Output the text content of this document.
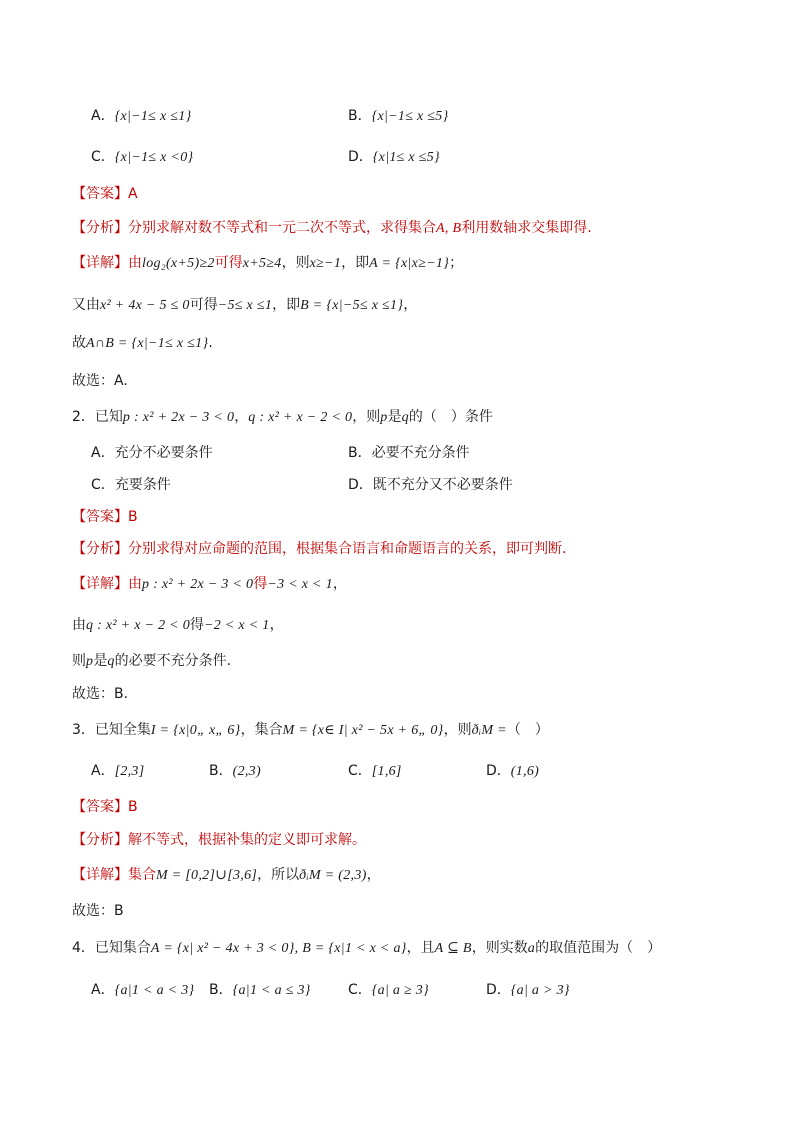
A．{x|−1≤ x ≤1}	B．{x|−1≤ x ≤5}
C．{x|−1≤ x <0}	D．{x|1≤ x ≤5}
【答案】A
【分析】分别求解对数不等式和一元二次不等式，求得集合A, B利用数轴求交集即得.
【详解】由log₂(x+5)≥2可得x+5≥4，则x≥−1，即A = {x|x≥−1}；
又由x² + 4x − 5 ≤ 0可得−5≤ x ≤1，即B = {x|−5≤ x ≤1}，
故A∩B = {x|−1≤ x ≤1}.
故选：A.
2．已知p : x² + 2x − 3 < 0，q : x² + x − 2 < 0，则p是q的（　）条件
A．充分不必要条件	B．必要不充分条件
C．充要条件	D．既不充分又不必要条件
【答案】B
【分析】分别求得对应命题的范围，根据集合语言和命题语言的关系，即可判断.
【详解】由p : x² + 2x − 3 < 0得−3 < x < 1，
由q : x² + x − 2 < 0得−2 < x < 1，
则p是q的必要不充分条件.
故选：B.
3．已知全集I = {x|0„ x„ 6}，集合M = {x∈ I| x² − 5x + 6„ 0}，则ðᵢM =（　）
A．[2,3]	B．(2,3)	C．[1,6]	D．(1,6)
【答案】B
【分析】解不等式，根据补集的定义即可求解。
【详解】集合M = [0,2]∪[3,6]，所以ðᵢM = (2,3)，
故选：B
4．已知集合A = {x| x² − 4x + 3 < 0}, B = {x|1 < x < a}，且A ⊆ B，则实数a的取值范围为（　）
A．{a|1 < a < 3} B．{a|1 < a ≤ 3}	C．{a| a ≥ 3}	D．{a| a > 3}
